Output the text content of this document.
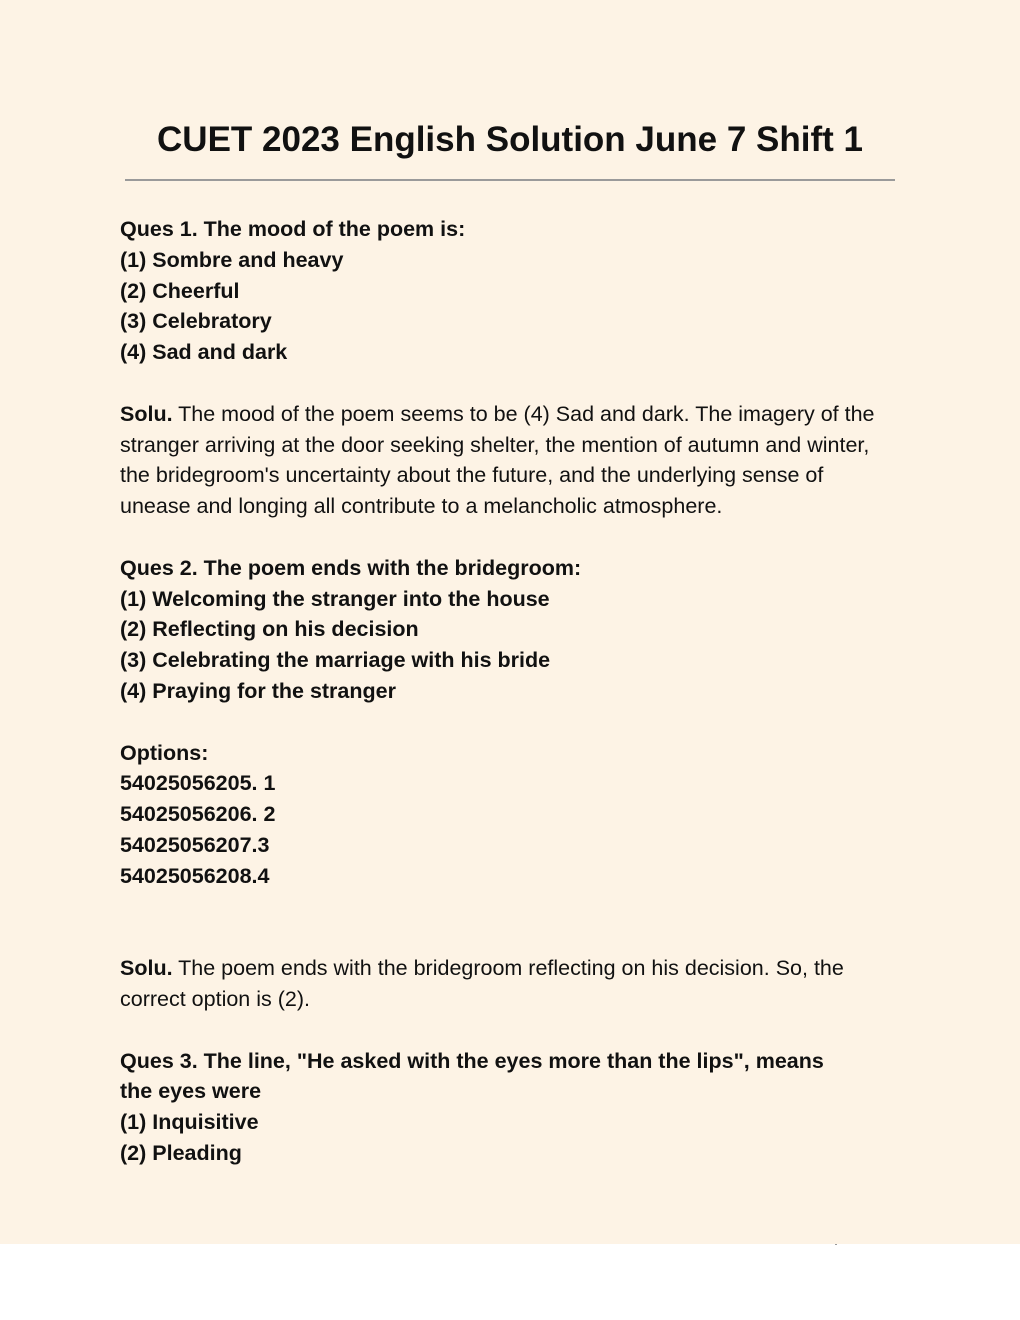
CUET 2023 English Solution June 7 Shift 1
Ques 1. The mood of the poem is:
(1) Sombre and heavy
(2) Cheerful
(3) Celebratory
(4) Sad and dark
Solu. The mood of the poem seems to be (4) Sad and dark. The imagery of the stranger arriving at the door seeking shelter, the mention of autumn and winter, the bridegroom's uncertainty about the future, and the underlying sense of unease and longing all contribute to a melancholic atmosphere.
Ques 2. The poem ends with the bridegroom:
(1) Welcoming the stranger into the house
(2) Reflecting on his decision
(3) Celebrating the marriage with his bride
(4) Praying for the stranger
Options:
54025056205. 1
54025056206. 2
54025056207.3
54025056208.4
Solu. The poem ends with the bridegroom reflecting on his decision. So, the correct option is (2).
Ques 3. The line, "He asked with the eyes more than the lips", means
the eyes were
(1) Inquisitive
(2) Pleading
